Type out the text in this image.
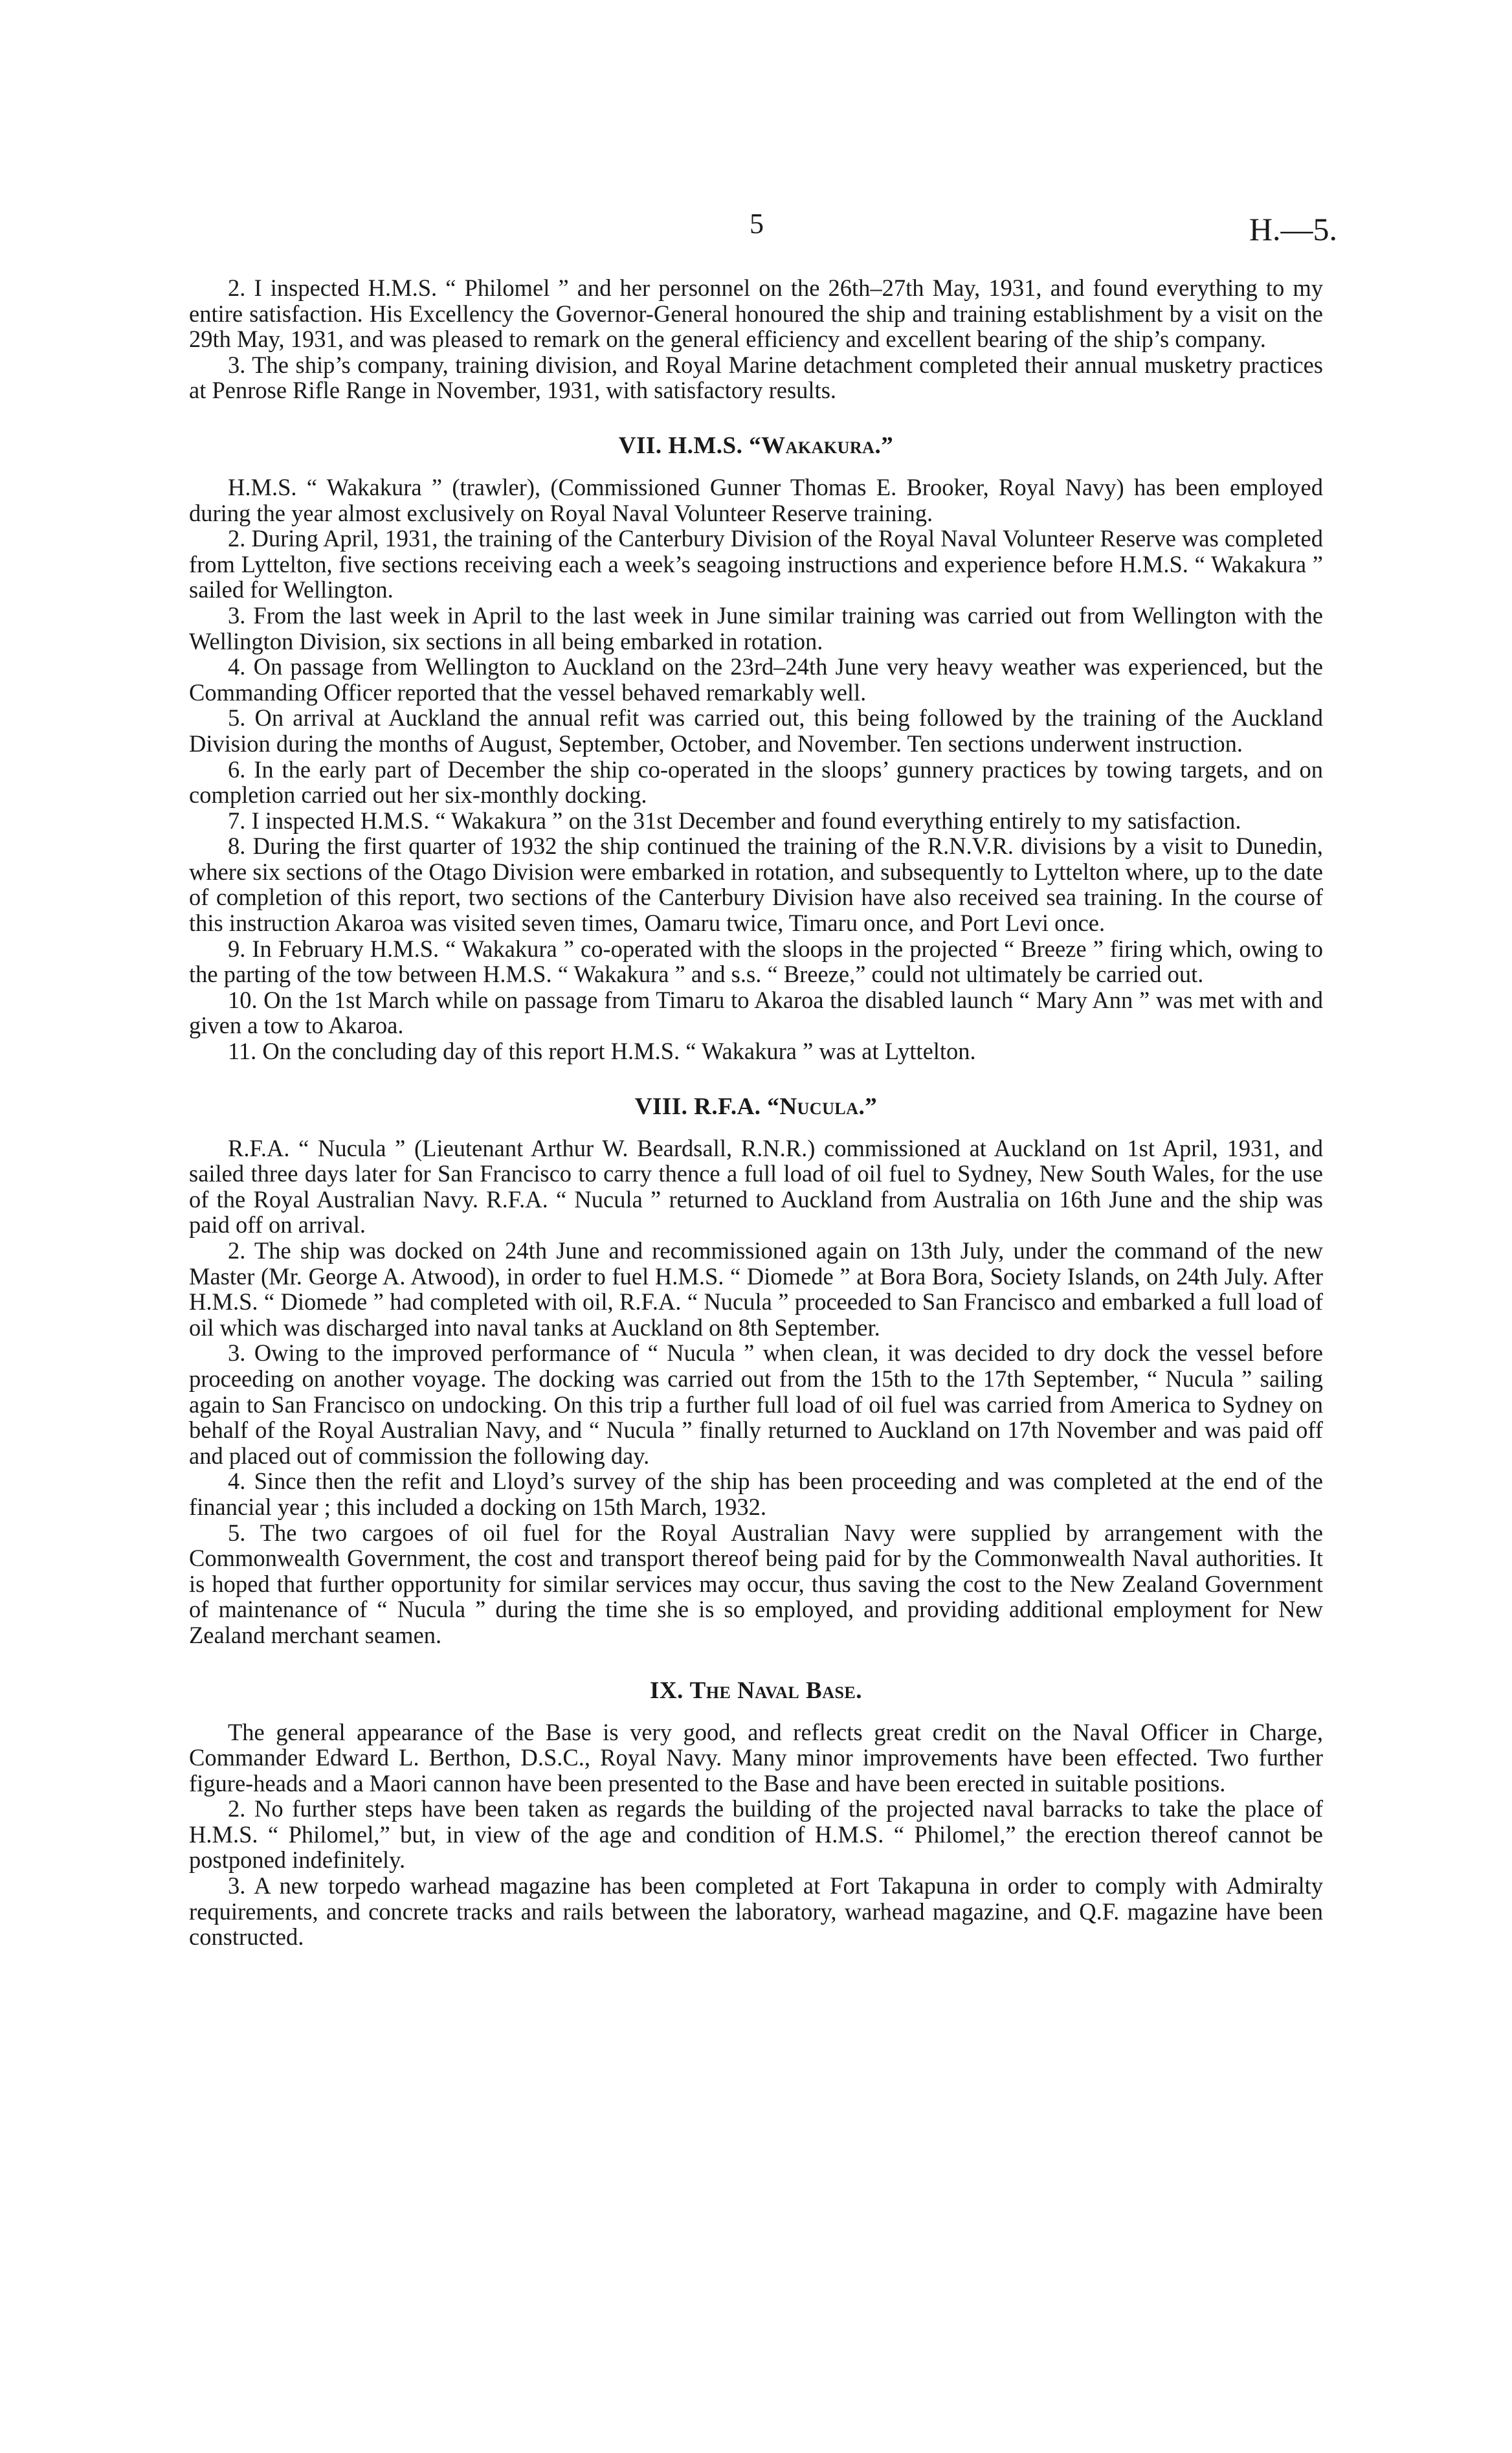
5	H.—5.

2. I inspected H.M.S. “ Philomel ” and her personnel on the 26th–27th May, 1931, and found everything to my entire satisfaction. His Excellency the Governor-General honoured the ship and training establishment by a visit on the 29th May, 1931, and was pleased to remark on the general efficiency and excellent bearing of the ship’s company.

3. The ship’s company, training division, and Royal Marine detachment completed their annual musketry practices at Penrose Rifle Range in November, 1931, with satisfactory results.

VII. H.M.S. “Wakakura.”

H.M.S. “ Wakakura ” (trawler), (Commissioned Gunner Thomas E. Brooker, Royal Navy) has been employed during the year almost exclusively on Royal Naval Volunteer Reserve training.

2. During April, 1931, the training of the Canterbury Division of the Royal Naval Volunteer Reserve was completed from Lyttelton, five sections receiving each a week’s seagoing instructions and experience before H.M.S. “ Wakakura ” sailed for Wellington.

3. From the last week in April to the last week in June similar training was carried out from Wellington with the Wellington Division, six sections in all being embarked in rotation.

4. On passage from Wellington to Auckland on the 23rd–24th June very heavy weather was experienced, but the Commanding Officer reported that the vessel behaved remarkably well.

5. On arrival at Auckland the annual refit was carried out, this being followed by the training of the Auckland Division during the months of August, September, October, and November. Ten sections underwent instruction.

6. In the early part of December the ship co-operated in the sloops’ gunnery practices by towing targets, and on completion carried out her six-monthly docking.

7. I inspected H.M.S. “ Wakakura ” on the 31st December and found everything entirely to my satisfaction.

8. During the first quarter of 1932 the ship continued the training of the R.N.V.R. divisions by a visit to Dunedin, where six sections of the Otago Division were embarked in rotation, and subsequently to Lyttelton where, up to the date of completion of this report, two sections of the Canterbury Division have also received sea training. In the course of this instruction Akaroa was visited seven times, Oamaru twice, Timaru once, and Port Levi once.

9. In February H.M.S. “ Wakakura ” co-operated with the sloops in the projected “ Breeze ” firing which, owing to the parting of the tow between H.M.S. “ Wakakura ” and s.s. “ Breeze,” could not ultimately be carried out.

10. On the 1st March while on passage from Timaru to Akaroa the disabled launch “ Mary Ann ” was met with and given a tow to Akaroa.

11. On the concluding day of this report H.M.S. “ Wakakura ” was at Lyttelton.

VIII. R.F.A. “Nucula.”

R.F.A. “ Nucula ” (Lieutenant Arthur W. Beardsall, R.N.R.) commissioned at Auckland on 1st April, 1931, and sailed three days later for San Francisco to carry thence a full load of oil fuel to Sydney, New South Wales, for the use of the Royal Australian Navy. R.F.A. “ Nucula ” returned to Auckland from Australia on 16th June and the ship was paid off on arrival.

2. The ship was docked on 24th June and recommissioned again on 13th July, under the command of the new Master (Mr. George A. Atwood), in order to fuel H.M.S. “ Diomede ” at Bora Bora, Society Islands, on 24th July. After H.M.S. “ Diomede ” had completed with oil, R.F.A. “ Nucula ” proceeded to San Francisco and embarked a full load of oil which was discharged into naval tanks at Auckland on 8th September.

3. Owing to the improved performance of “ Nucula ” when clean, it was decided to dry dock the vessel before proceeding on another voyage. The docking was carried out from the 15th to the 17th September, “ Nucula ” sailing again to San Francisco on undocking. On this trip a further full load of oil fuel was carried from America to Sydney on behalf of the Royal Australian Navy, and “ Nucula ” finally returned to Auckland on 17th November and was paid off and placed out of commission the following day.

4. Since then the refit and Lloyd’s survey of the ship has been proceeding and was completed at the end of the financial year ; this included a docking on 15th March, 1932.

5. The two cargoes of oil fuel for the Royal Australian Navy were supplied by arrangement with the Commonwealth Government, the cost and transport thereof being paid for by the Commonwealth Naval authorities. It is hoped that further opportunity for similar services may occur, thus saving the cost to the New Zealand Government of maintenance of “ Nucula ” during the time she is so employed, and providing additional employment for New Zealand merchant seamen.

IX. The Naval Base.

The general appearance of the Base is very good, and reflects great credit on the Naval Officer in Charge, Commander Edward L. Berthon, D.S.C., Royal Navy. Many minor improvements have been effected. Two further figure-heads and a Maori cannon have been presented to the Base and have been erected in suitable positions.

2. No further steps have been taken as regards the building of the projected naval barracks to take the place of H.M.S. “ Philomel,” but, in view of the age and condition of H.M.S. “ Philomel,” the erection thereof cannot be postponed indefinitely.

3. A new torpedo warhead magazine has been completed at Fort Takapuna in order to comply with Admiralty requirements, and concrete tracks and rails between the laboratory, warhead magazine, and Q.F. magazine have been constructed.
